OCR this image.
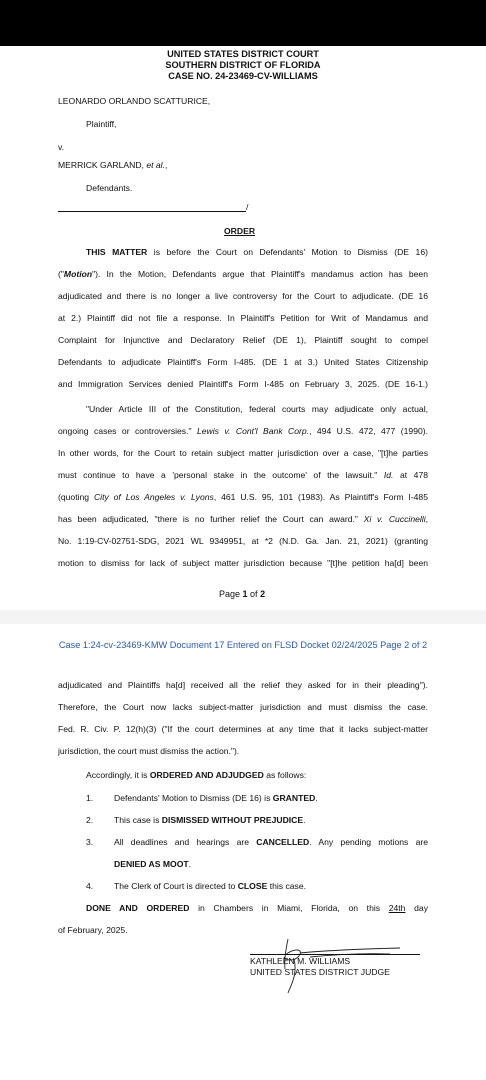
UNITED STATES DISTRICT COURT
SOUTHERN DISTRICT OF FLORIDA
CASE NO. 24-23469-CV-WILLIAMS
LEONARDO ORLANDO SCATTURICE,
Plaintiff,
v.
MERRICK GARLAND, et al.,
Defendants.
/
ORDER
THIS MATTER is before the Court on Defendants' Motion to Dismiss (DE 16)
("Motion"). In the Motion, Defendants argue that Plaintiff's mandamus action has been
adjudicated and there is no longer a live controversy for the Court to adjudicate. (DE 16
at 2.) Plaintiff did not file a response. In Plaintiff's Petition for Writ of Mandamus and
Complaint for Injunctive and Declaratory Relief (DE 1), Plaintiff sought to compel
Defendants to adjudicate Plaintiff's Form I-485. (DE 1 at 3.) United States Citizenship
and Immigration Services denied Plaintiff's Form I-485 on February 3, 2025. (DE 16-1.)
"Under Article III of the Constitution, federal courts may adjudicate only actual,
ongoing cases or controversies." Lewis v. Cont'l Bank Corp., 494 U.S. 472, 477 (1990).
In other words, for the Court to retain subject matter jurisdiction over a case, "[t]he parties
must continue to have a 'personal stake in the outcome' of the lawsuit." Id. at 478
(quoting City of Los Angeles v. Lyons, 461 U.S. 95, 101 (1983). As Plaintiff's Form I-485
has been adjudicated, "there is no further relief the Court can award." Xi v. Cuccinelli,
No. 1:19-CV-02751-SDG, 2021 WL 9349951, at *2 (N.D. Ga. Jan. 21, 2021) (granting
motion to dismiss for lack of subject matter jurisdiction because "[t]he petition ha[d] been
Page 1 of 2
Case 1:24-cv-23469-KMW Document 17 Entered on FLSD Docket 02/24/2025 Page 2 of 2
adjudicated and Plaintiffs ha[d] received all the relief they asked for in their pleading").
Therefore, the Court now lacks subject-matter jurisdiction and must dismiss the case.
Fed. R. Civ. P. 12(h)(3) ("If the court determines at any time that it lacks subject-matter
jurisdiction, the court must dismiss the action.").
Accordingly, it is ORDERED AND ADJUDGED as follows:
1. Defendants' Motion to Dismiss (DE 16) is GRANTED.
2. This case is DISMISSED WITHOUT PREJUDICE.
3. All deadlines and hearings are CANCELLED. Any pending motions are
DENIED AS MOOT.
4. The Clerk of Court is directed to CLOSE this case.
DONE AND ORDERED in Chambers in Miami, Florida, on this 24th day
of February, 2025.
KATHLEEN M. WILLIAMS
UNITED STATES DISTRICT JUDGE
